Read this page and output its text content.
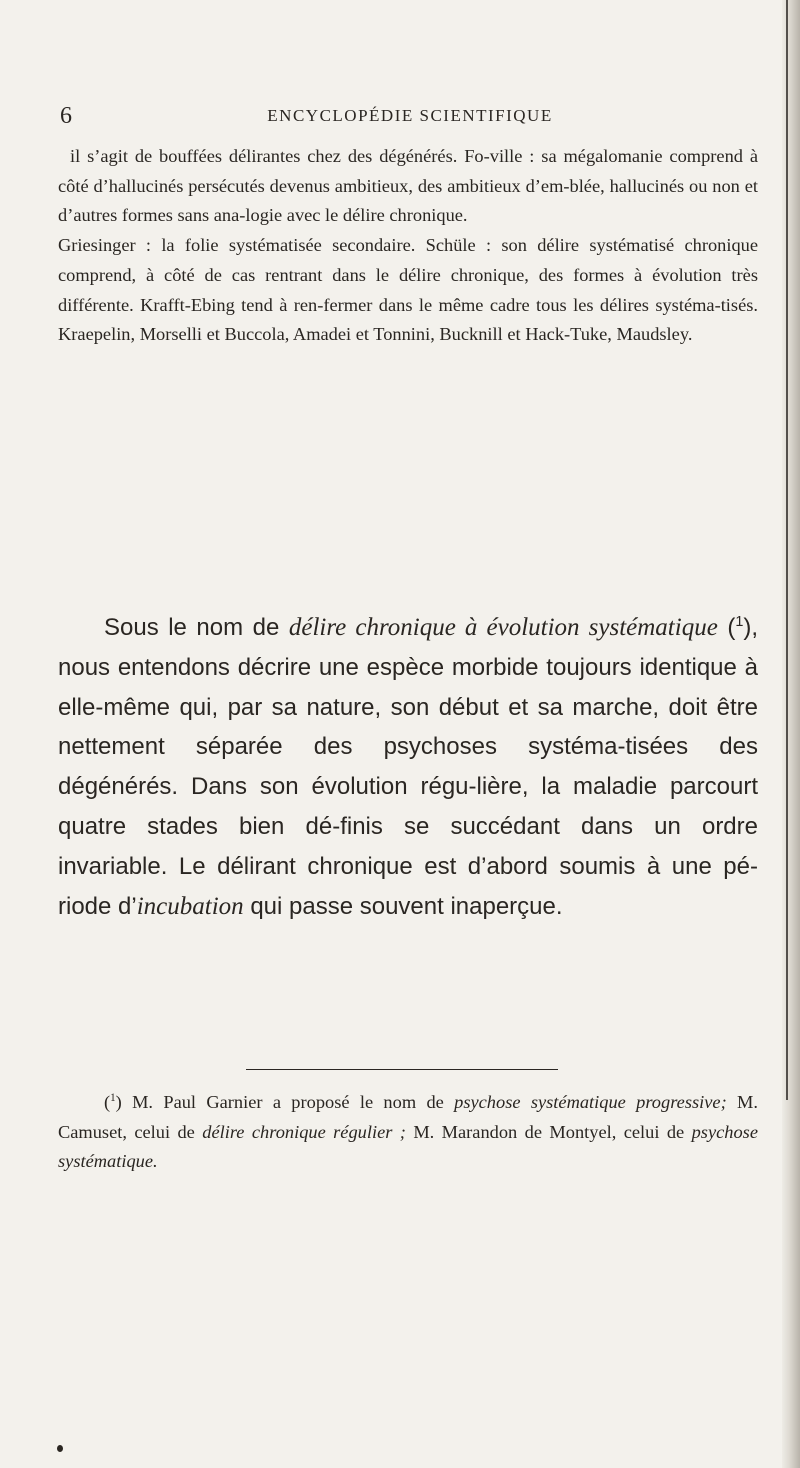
6	ENCYCLOPÉDIE SCIENTIFIQUE

il s’agit de bouffées délirantes chez des dégénérés. Fo-ville : sa mégalomanie comprend à côté d’hallucinés persécutés devenus ambitieux, des ambitieux d’em-blée, hallucinés ou non et d’autres formes sans ana-logie avec le délire chronique.

Griesinger : la folie systématisée secondaire. Schüle : son délire systématisé chronique comprend, à côté de cas rentrant dans le délire chronique, des formes à évolution très différente. Krafft-Ebing tend à ren-fermer dans le même cadre tous les délires systéma-tisés. Kraepelin, Morselli et Buccola, Amadei et Tonnini, Bucknill et Hack-Tuke, Maudsley.

Sous le nom de délire chronique à évolution systématique ($^1$), nous entendons décrire une espèce morbide toujours identique à elle-même qui, par sa nature, son début et sa marche, doit être nettement séparée des psychoses systéma-tisées des dégénérés. Dans son évolution régu-lière, la maladie parcourt quatre stades bien dé-finis se succédant dans un ordre invariable. Le délirant chronique est d’abord soumis à une pé-riode d’incubation qui passe souvent inaperçue.

($^1$) M. Paul Garnier a proposé le nom de psychose systématique progressive; M. Camuset, celui de délire chronique régulier ; M. Marandon de Montyel, celui de psychose systématique.
